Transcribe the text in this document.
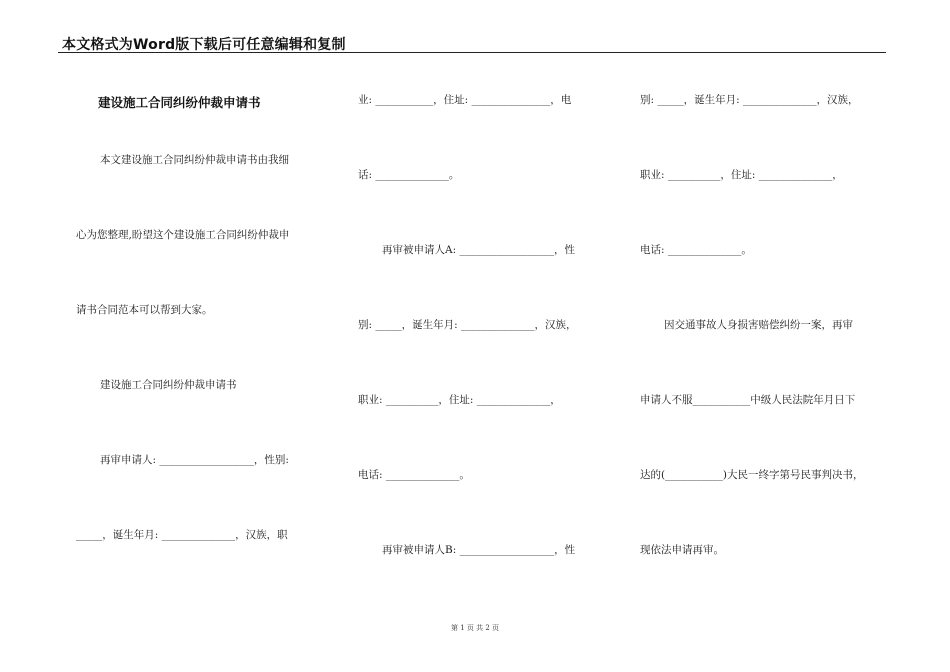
本文格式为Word版下载后可任意编辑和复制
建设施工合同纠纷仲裁申请书
本文建设施工合同纠纷仲裁申请书由我细
心为您整理,盼望这个建设施工合同纠纷仲裁申
请书合同范本可以帮到大家。
建设施工合同纠纷仲裁申请书
再审申请人: __________________，性别:
_____，诞生年月: ______________，汉族，职
业: ___________，住址: _______________，电
话: ______________。
再审被申请人A: __________________，性
别: _____，诞生年月: ______________，汉族，
职业: __________，住址: ______________，
电话: ______________。
再审被申请人B: __________________，性
别: _____，诞生年月: ______________，汉族，
职业: __________，住址: ______________，
电话: ______________。
因交通事故人身损害赔偿纠纷一案，再审
申请人不服___________中级人民法院年月日下
达的(___________)大民一终字第号民事判决书，
现依法申请再审。
第 1 页 共 2 页
